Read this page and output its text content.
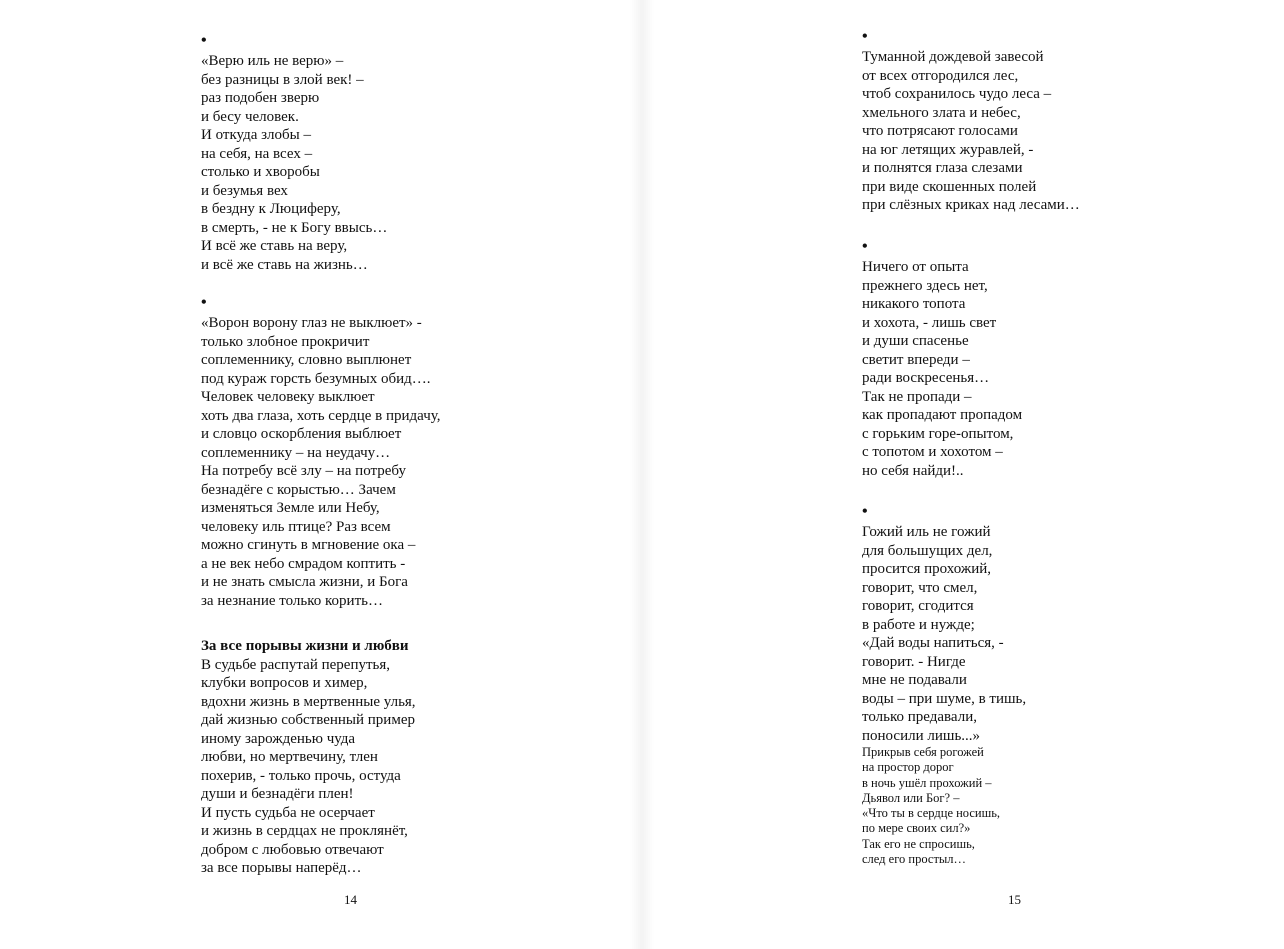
•
«Верю иль не верю» –
без разницы в злой век! –
раз подобен зверю
и бесу человек.
И откуда злобы –
на себя, на всех –
столько и хворобы
и безумья вех
в бездну к Люциферу,
в смерть, - не к Богу ввысь…
И всё же ставь на веру,
и всё же ставь на жизнь…
•
«Ворон ворону глаз не выклюет» -
только злобное прокричит
соплеменнику, словно выплюнет
под кураж горсть безумных обид….
Человек человеку выклюет
хоть два глаза, хоть сердце в придачу,
и словцо оскорбления выблюет
соплеменнику – на неудачу…
На потребу всё злу – на потребу
безнадёге с корыстью… Зачем
изменяться Земле или Небу,
человеку иль птице? Раз всем
можно сгинуть в мгновение ока –
а не век небо смрадом коптить -
и не знать смысла жизни, и Бога
за незнание только корить…
За все порывы жизни и любви
В судьбе распутай перепутья,
клубки вопросов и химер,
вдохни жизнь в мертвенные улья,
дай жизнью собственный пример
иному зарожденью чуда
любви, но мертвечину, тлен
похерив, - только прочь, остуда
души и безнадёги плен!
И пусть судьба не осерчает
и жизнь в сердцах не проклянёт,
добром с любовью отвечают
за все порывы наперёд…
14
•
Туманной дождевой завесой
от всех отгородился лес,
чтоб сохранилось чудо леса –
хмельного злата и небес,
что потрясают голосами
на юг летящих журавлей, -
и полнятся глаза слезами
при виде скошенных полей
при слёзных криках над лесами…
•
Ничего от опыта
прежнего здесь нет,
никакого топота
и хохота, - лишь свет
и души спасенье
светит впереди –
ради воскресенья…
Так не пропади –
как пропадают пропадом
с горьким горе-опытом,
с топотом и хохотом –
но себя найди!..
•
Гожий иль не гожий
для большущих дел,
просится прохожий,
говорит, что смел,
говорит, сгодится
в работе и нужде;
«Дай воды напиться, -
говорит. - Нигде
мне не подавали
воды – при шуме, в тишь,
только предавали,
поносили лишь...»
Прикрыв себя рогожей
на простор дорог
в ночь ушёл прохожий –
Дьявол или Бог? –
«Что ты в сердце носишь,
по мере своих сил?»
Так его не спросишь,
след его простыл…
15
